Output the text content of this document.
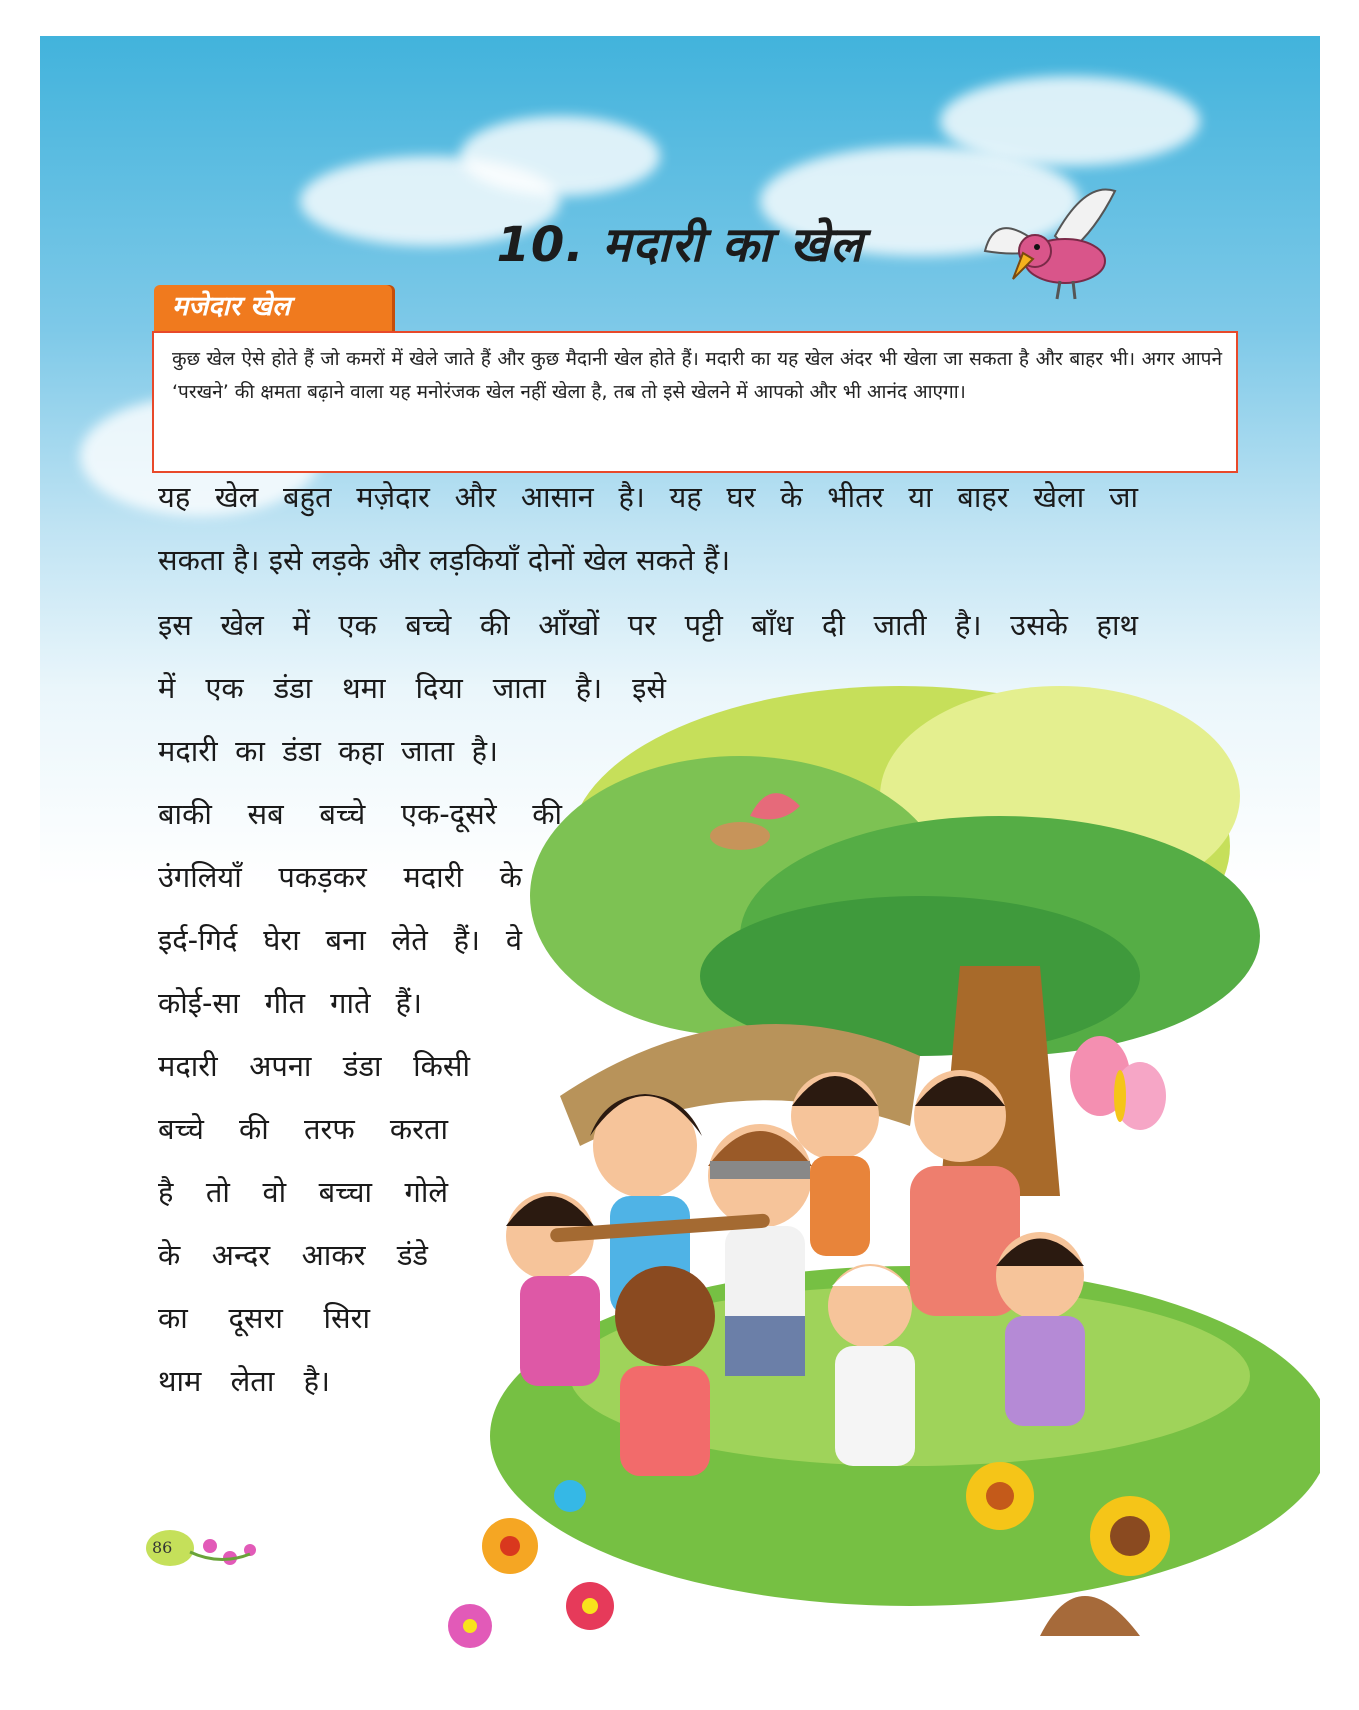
10. मदारी का खेल
मजेदार खेल
कुछ खेल ऐसे होते हैं जो कमरों में खेले जाते हैं और कुछ मैदानी खेल होते हैं। मदारी का यह खेल अंदर भी खेला जा सकता है और बाहर भी। अगर आपने ‘परखने’ की क्षमता बढ़ाने वाला यह मनोरंजक खेल नहीं खेला है, तब तो इसे खेलने में आपको और भी आनंद आएगा।
यह खेल बहुत मज़ेदार और आसान है। यह घर के भीतर या बाहर खेला जा
सकता है। इसे लड़के और लड़कियाँ दोनों खेल सकते हैं।
इस खेल में एक बच्चे की आँखों पर पट्टी बाँध दी जाती है। उसके हाथ
में एक डंडा थमा दिया जाता है। इसे
मदारी का डंडा कहा जाता है।
बाकी सब बच्चे एक-दूसरे की
उंगलियाँ पकड़कर मदारी के
इर्द-गिर्द घेरा बना लेते हैं। वे
कोई-सा गीत गाते हैं।
मदारी अपना डंडा किसी
बच्चे की तरफ करता
है तो वो बच्चा गोले
के अन्दर आकर डंडे
का दूसरा सिरा
थाम लेता है।
86
